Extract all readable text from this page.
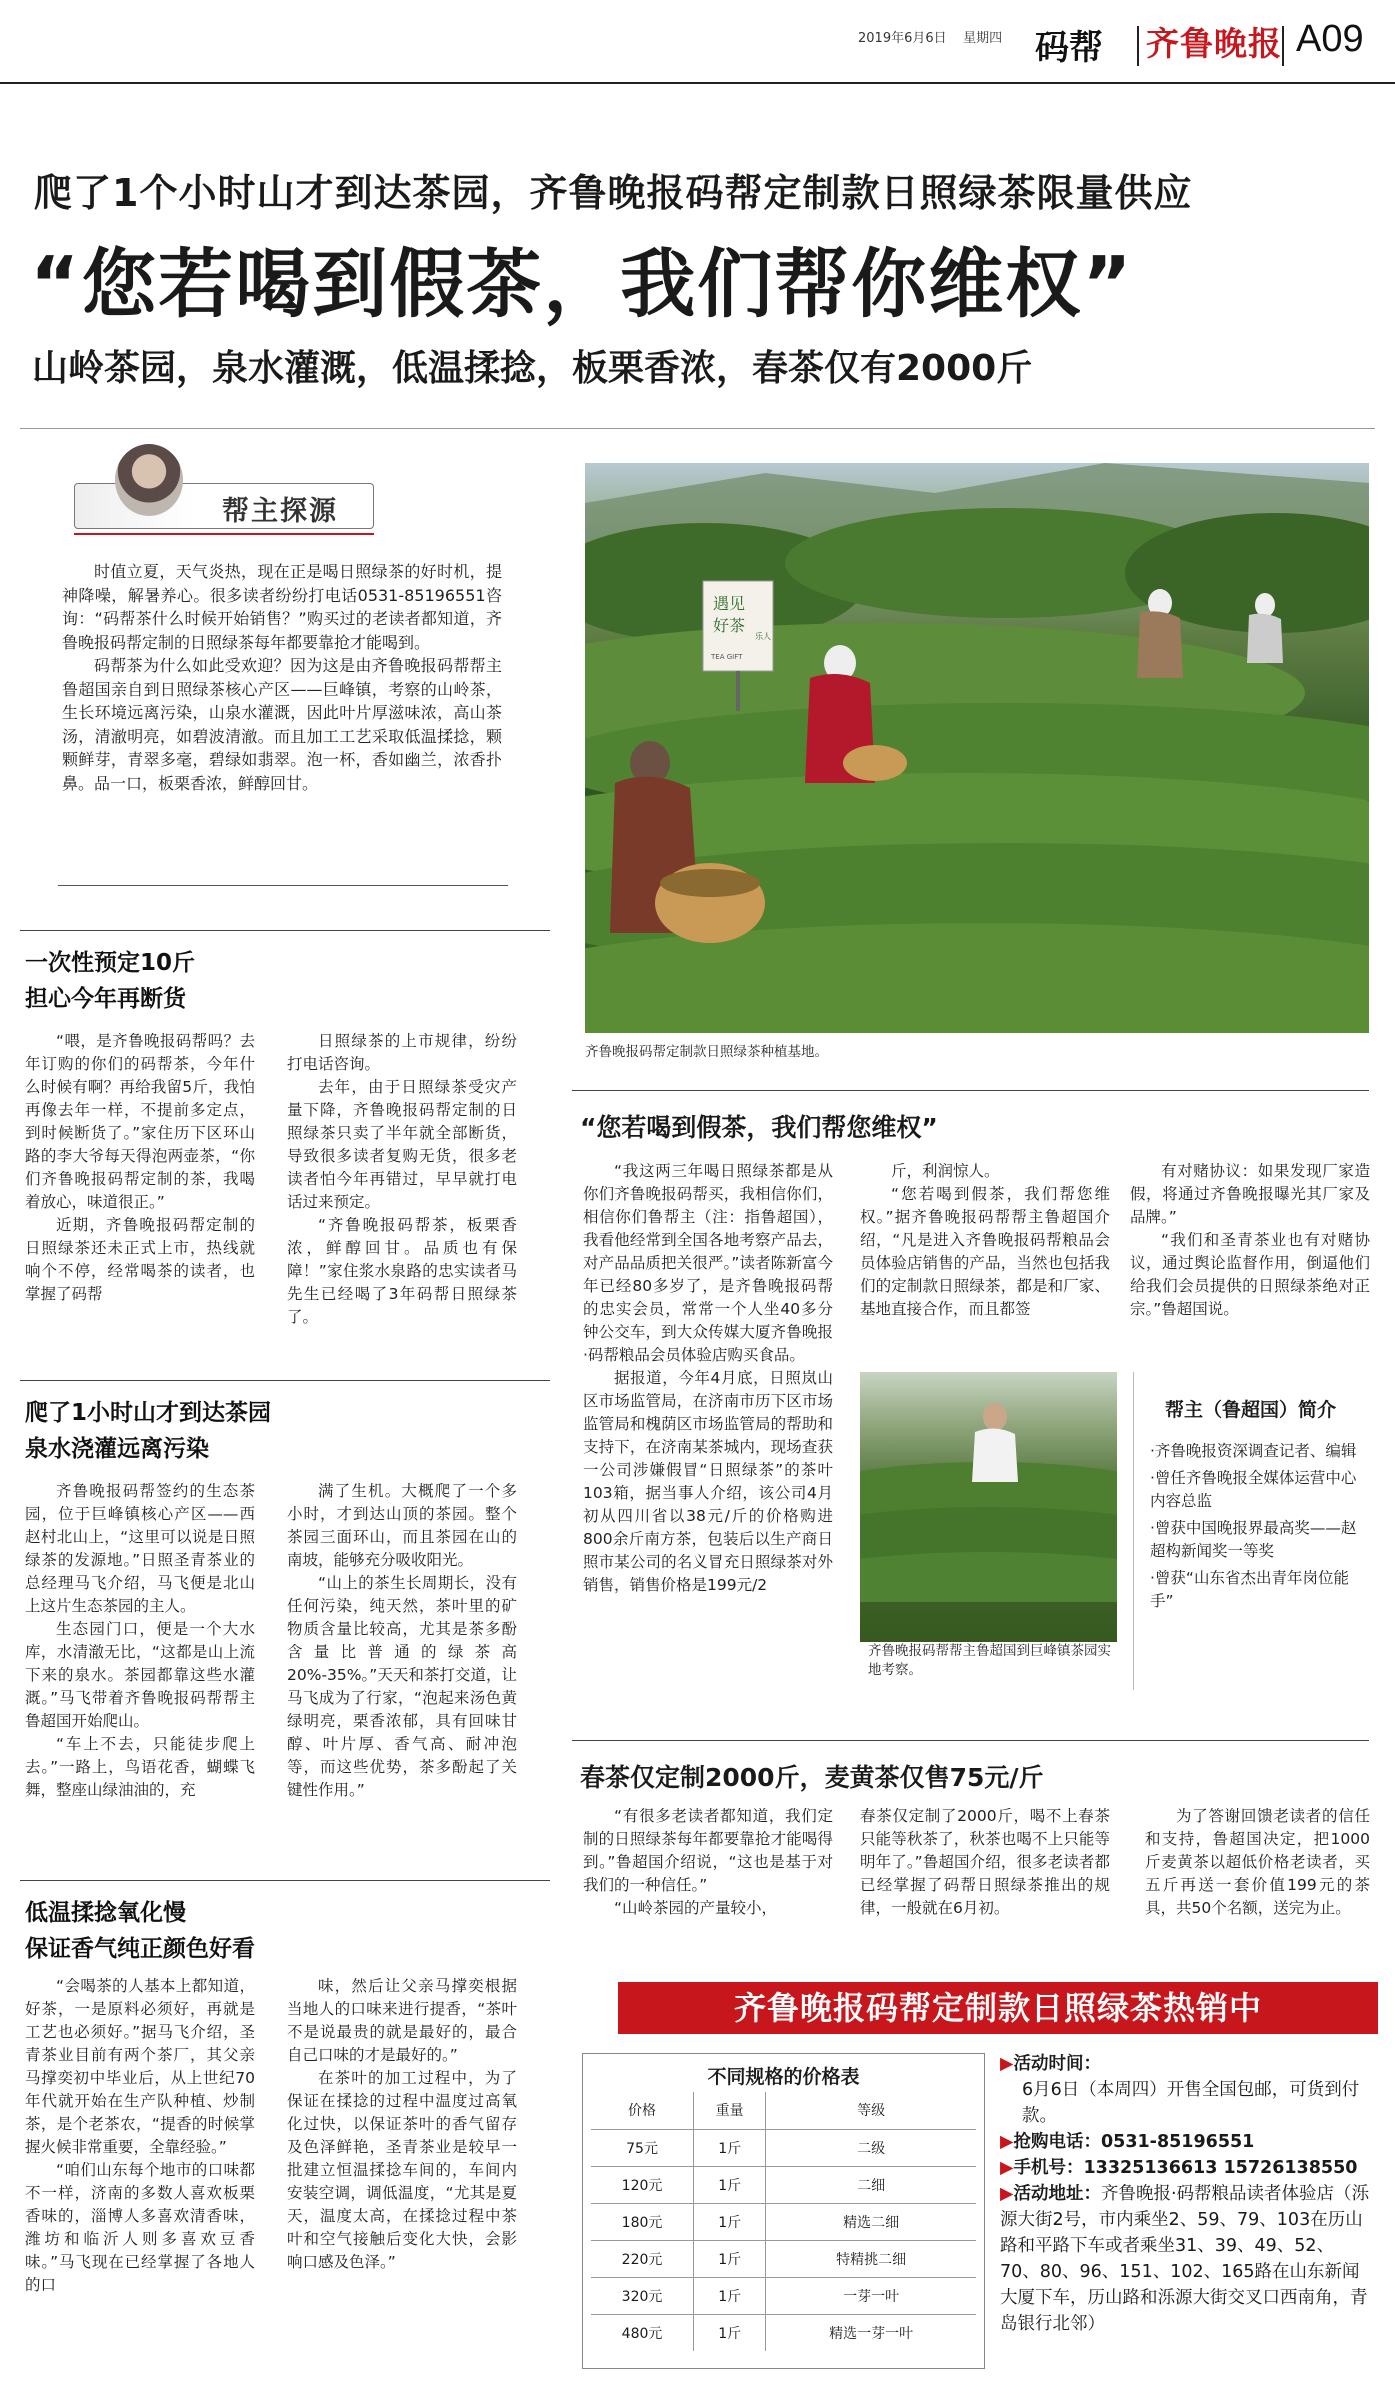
2019年6月6日 星期四 码帮 齐鲁晚报 A09
爬了1个小时山才到达茶园，齐鲁晚报码帮定制款日照绿茶限量供应
“您若喝到假茶，我们帮你维权”
山岭茶园，泉水灌溉，低温揉捻，板栗香浓，春茶仅有2000斤
帮主探源

时值立夏，天气炎热，现在正是喝日照绿茶的好时机，提神降噪，解暑养心。很多读者纷纷打电话0531-85196551咨询：“码帮茶什么时候开始销售？”购买过的老读者都知道，齐鲁晚报码帮定制的日照绿茶每年都要靠抢才能喝到。

码帮茶为什么如此受欢迎？因为这是由齐鲁晚报码帮帮主鲁超国亲自到日照绿茶核心产区——巨峰镇，考察的山岭茶，生长环境远离污染，山泉水灌溉，因此叶片厚滋味浓，高山茶汤，清澈明亮，如碧波清澈。而且加工工艺采取低温揉捻，颗颗鲜芽，青翠多毫，碧绿如翡翠。泡一杯，香如幽兰，浓香扑鼻。品一口，板栗香浓，鲜醇回甘。

遇见
好茶
TEA GIFT
乐人
齐鲁晚报码帮定制款日照绿茶种植基地。
一次性预定10斤
担心今年再断货

“喂，是齐鲁晚报码帮吗？去年订购的你们的码帮茶，今年什么时候有啊？再给我留5斤，我怕再像去年一样，不提前多定点，到时候断货了。”家住历下区环山路的李大爷每天得泡两壶茶，“你们齐鲁晚报码帮定制的茶，我喝着放心，味道很正。”

近期，齐鲁晚报码帮定制的日照绿茶还未正式上市，热线就响个不停，经常喝茶的读者，也掌握了码帮

日照绿茶的上市规律，纷纷打电话咨询。

去年，由于日照绿茶受灾产量下降，齐鲁晚报码帮定制的日照绿茶只卖了半年就全部断货，导致很多读者复购无货，很多老读者怕今年再错过，早早就打电话过来预定。

“齐鲁晚报码帮茶，板栗香浓，鲜醇回甘。品质也有保障！”家住浆水泉路的忠实读者马先生已经喝了3年码帮日照绿茶了。

爬了1小时山才到达茶园
泉水浇灌远离污染

齐鲁晚报码帮签约的生态茶园，位于巨峰镇核心产区——西赵村北山上，“这里可以说是日照绿茶的发源地。”日照圣青茶业的总经理马飞介绍，马飞便是北山上这片生态茶园的主人。

生态园门口，便是一个大水库，水清澈无比，“这都是山上流下来的泉水。茶园都靠这些水灌溉。”马飞带着齐鲁晚报码帮帮主鲁超国开始爬山。

“车上不去，只能徒步爬上去。”一路上，鸟语花香，蝴蝶飞舞，整座山绿油油的，充

满了生机。大概爬了一个多小时，才到达山顶的茶园。整个茶园三面环山，而且茶园在山的南坡，能够充分吸收阳光。

“山上的茶生长周期长，没有任何污染，纯天然，茶叶里的矿物质含量比较高，尤其是茶多酚含量比普通的绿茶高20%-35%。”天天和茶打交道，让马飞成为了行家，“泡起来汤色黄绿明亮，栗香浓郁，具有回味甘醇、叶片厚、香气高、耐冲泡等，而这些优势，茶多酚起了关键性作用。”

低温揉捻氧化慢
保证香气纯正颜色好看

“会喝茶的人基本上都知道，好茶，一是原料必须好，再就是工艺也必须好。”据马飞介绍，圣青茶业目前有两个茶厂，其父亲马撑奕初中毕业后，从上世纪70年代就开始在生产队种植、炒制茶，是个老茶农，“提香的时候掌握火候非常重要，全靠经验。”

“咱们山东每个地市的口味都不一样，济南的多数人喜欢板栗香味的，淄博人多喜欢清香味，潍坊和临沂人则多喜欢豆香味。”马飞现在已经掌握了各地人的口

味，然后让父亲马撑奕根据当地人的口味来进行提香，“茶叶不是说最贵的就是最好的，最合自己口味的才是最好的。”

在茶叶的加工过程中，为了保证在揉捻的过程中温度过高氧化过快，以保证茶叶的香气留存及色泽鲜艳，圣青茶业是较早一批建立恒温揉捻车间的，车间内安装空调，调低温度，“尤其是夏天，温度太高，在揉捻过程中茶叶和空气接触后变化大快，会影响口感及色泽。”

“您若喝到假茶，我们帮您维权”

“我这两三年喝日照绿茶都是从你们齐鲁晚报码帮买，我相信你们，相信你们鲁帮主（注：指鲁超国），我看他经常到全国各地考察产品去，对产品品质把关很严。”读者陈新富今年已经80多岁了，是齐鲁晚报码帮的忠实会员，常常一个人坐40多分钟公交车，到大众传媒大厦齐鲁晚报·码帮粮品会员体验店购买食品。

据报道，今年4月底，日照岚山区市场监管局，在济南市历下区市场监管局和槐荫区市场监管局的帮助和支持下，在济南某茶城内，现场查获一公司涉嫌假冒“日照绿茶”的茶叶103箱，据当事人介绍，该公司4月初从四川省以38元/斤的价格购进800余斤南方茶，包装后以生产商日照市某公司的名义冒充日照绿茶对外销售，销售价格是199元/2

斤，利润惊人。

“您若喝到假茶，我们帮您维权。”据齐鲁晚报码帮帮主鲁超国介绍，“凡是进入齐鲁晚报码帮粮品会员体验店销售的产品，当然也包括我们的定制款日照绿茶，都是和厂家、基地直接合作，而且都签

有对赌协议：如果发现厂家造假，将通过齐鲁晚报曝光其厂家及品牌。”

“我们和圣青茶业也有对赌协议，通过舆论监督作用，倒逼他们给我们会员提供的日照绿茶绝对正宗。”鲁超国说。

齐鲁晚报码帮帮主鲁超国到巨峰镇茶园实地考察。
帮主（鲁超国）简介
·齐鲁晚报资深调查记者、编辑
·曾任齐鲁晚报全媒体运营中心内容总监
·曾获中国晚报界最高奖——赵超构新闻奖一等奖
·曾获“山东省杰出青年岗位能手”
春茶仅定制2000斤，麦黄茶仅售75元/斤

“有很多老读者都知道，我们定制的日照绿茶每年都要靠抢才能喝得到。”鲁超国介绍说，“这也是基于对我们的一种信任。”

“山岭茶园的产量较小，

春茶仅定制了2000斤，喝不上春茶只能等秋茶了，秋茶也喝不上只能等明年了。”鲁超国介绍，很多老读者都已经掌握了码帮日照绿茶推出的规律，一般就在6月初。

为了答谢回馈老读者的信任和支持，鲁超国决定，把1000斤麦黄茶以超低价格老读者，买五斤再送一套价值199元的茶具，共50个名额，送完为止。

齐鲁晚报码帮定制款日照绿茶热销中
不同规格的价格表
价格	重量	等级
75元	1斤	二级
120元	1斤	二细
180元	1斤	精选二细
220元	1斤	特精挑二细
320元	1斤	一芽一叶
480元	1斤	精选一芽一叶
▶活动时间：
6月6日（本周四）开售全国包邮，可货到付款。
▶抢购电话：0531-85196551
▶手机号：13325136613 15726138550
▶活动地址：齐鲁晚报·码帮粮品读者体验店（泺源大街2号，市内乘坐2、59、79、103在历山路和平路下车或者乘坐31、39、49、52、70、80、96、151、102、165路在山东新闻大厦下车，历山路和泺源大街交叉口西南角，青岛银行北邻）
